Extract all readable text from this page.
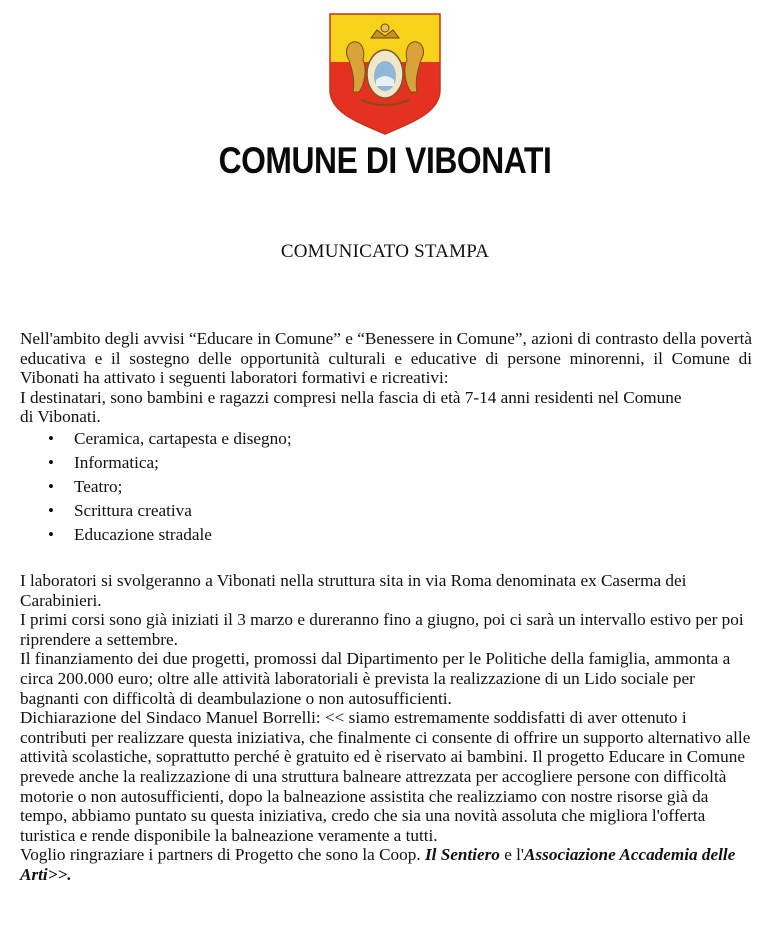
COMUNE DI VIBONATI
COMUNICATO STAMPA

Nell'ambito degli avvisi “Educare in Comune” e “Benessere in Comune”, azioni di contrasto della povertà educativa e il sostegno delle opportunità culturali e educative di persone minorenni, il Comune di Vibonati ha attivato i seguenti laboratori formativi e ricreativi:

I destinatari, sono bambini e ragazzi compresi nella fascia di età 7-14 anni residenti nel Comune

di Vibonati.

• Ceramica, cartapesta e disegno;
• Informatica;
• Teatro;
• Scrittura creativa
• Educazione stradale

I laboratori si svolgeranno a Vibonati nella struttura sita in via Roma denominata ex Caserma dei Carabinieri.

I primi corsi sono già iniziati il 3 marzo e dureranno fino a giugno, poi ci sarà un intervallo estivo per poi riprendere a settembre.

Il finanziamento dei due progetti, promossi dal Dipartimento per le Politiche della famiglia, ammonta a circa 200.000 euro; oltre alle attività laboratoriali è prevista la realizzazione di un Lido sociale per bagnanti con difficoltà di deambulazione o non autosufficienti.

Dichiarazione del Sindaco Manuel Borrelli: << siamo estremamente soddisfatti di aver ottenuto i contributi per realizzare questa iniziativa, che finalmente ci consente di offrire un supporto alternativo alle attività scolastiche, soprattutto perché è gratuito ed è riservato ai bambini. Il progetto Educare in Comune prevede anche la realizzazione di una struttura balneare attrezzata per accogliere persone con difficoltà motorie o non autosufficienti, dopo la balneazione assistita che realizziamo con nostre risorse già da tempo, abbiamo puntato su questa iniziativa, credo che sia una novità assoluta che migliora l'offerta turistica e rende disponibile la balneazione veramente a tutti.

Voglio ringraziare i partners di Progetto che sono la Coop. Il Sentiero e l'Associazione Accademia delle Arti>>.
